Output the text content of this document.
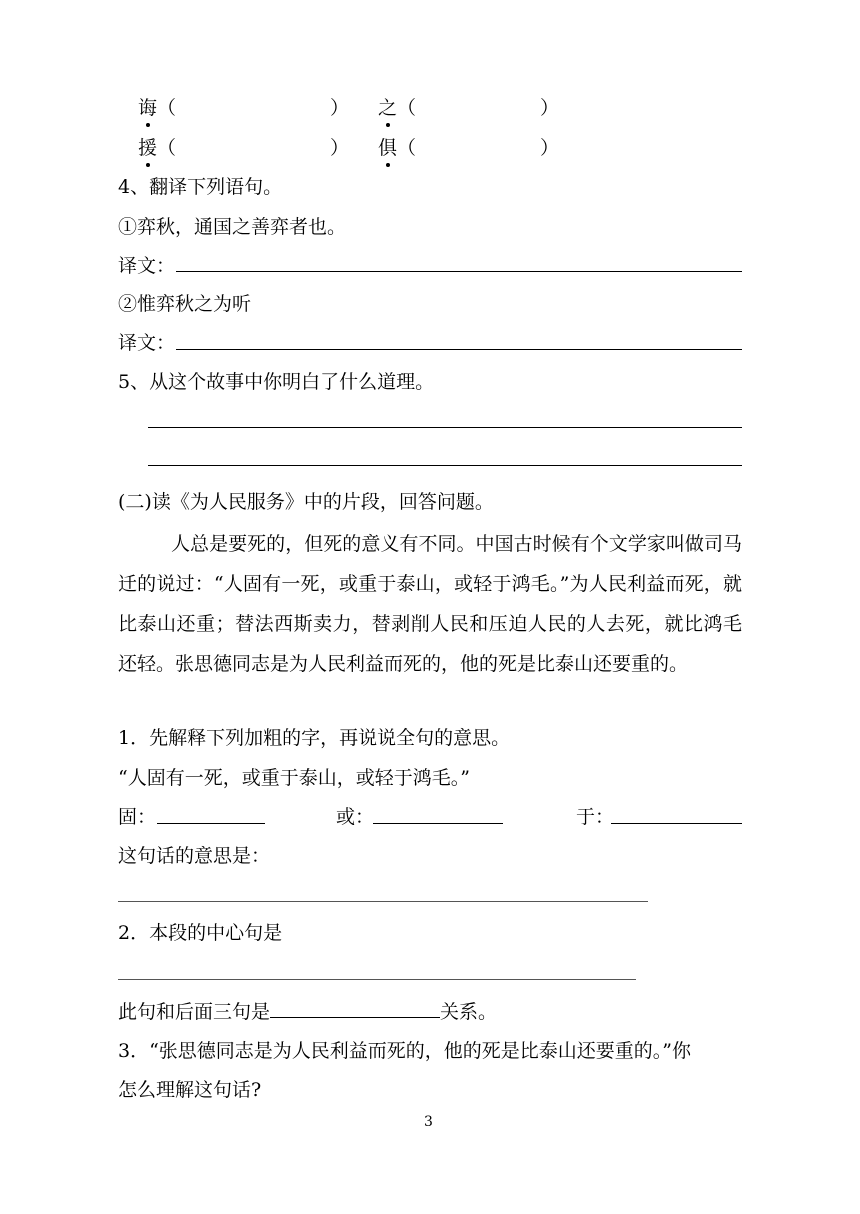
诲（	） 之（	）
援（	） 俱（	）
4、翻译下列语句。
①弈秋，通国之善弈者也。
译文：
②惟弈秋之为听
译文：
5、从这个故事中你明白了什么道理。
(二)读《为人民服务》中的片段，回答问题。
人总是要死的，但死的意义有不同。中国古时候有个文学家叫做司马迁的说过：“人固有一死，或重于泰山，或轻于鸿毛。”为人民利益而死，就比泰山还重；替法西斯卖力，替剥削人民和压迫人民的人去死，就比鸿毛还轻。张思德同志是为人民利益而死的，他的死是比泰山还要重的。
1．先解释下列加粗的字，再说说全句的意思。
“人固有一死，或重于泰山，或轻于鸿毛。”
固：	或：	于：
这句话的意思是：
2．本段的中心句是
此句和后面三句是	关系。
3．“张思德同志是为人民利益而死的，他的死是比泰山还要重的。”你
怎么理解这句话?
3
